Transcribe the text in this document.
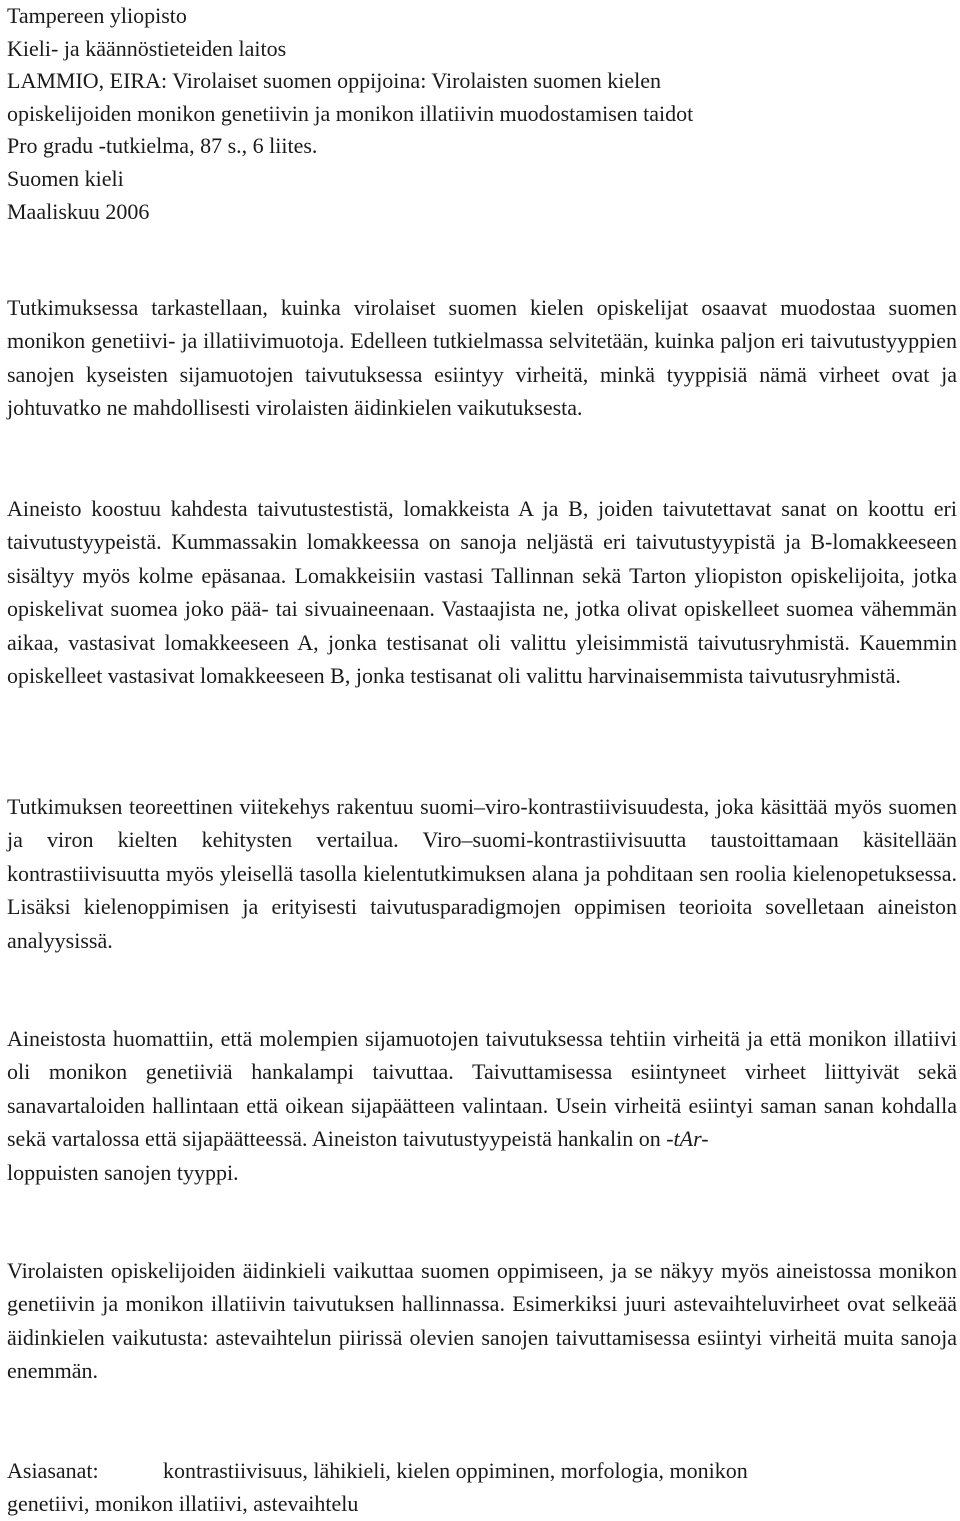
Tampereen yliopisto
Kieli- ja käännöstieteiden laitos
LAMMIO, EIRA: Virolaiset suomen oppijoina: Virolaisten suomen kielen
opiskelijoiden monikon genetiivin ja monikon illatiivin muodostamisen taidot
Pro gradu -tutkielma, 87 s., 6 liites.
Suomen kieli
Maaliskuu 2006

Tutkimuksessa tarkastellaan, kuinka virolaiset suomen kielen opiskelijat osaavat muodostaa suomen monikon genetiivi- ja illatiivimuotoja. Edelleen tutkielmassa selvitetään, kuinka paljon eri taivutustyyppien sanojen kyseisten sijamuotojen taivutuksessa esiintyy virheitä, minkä tyyppisiä nämä virheet ovat ja johtuvatko ne mahdollisesti virolaisten äidinkielen vaikutuksesta.

Aineisto koostuu kahdesta taivutustestistä, lomakkeista A ja B, joiden taivutettavat sanat on koottu eri taivutustyypeistä. Kummassakin lomakkeessa on sanoja neljästä eri taivutustyypistä ja B-lomakkeeseen sisältyy myös kolme epäsanaa. Lomakkeisiin vastasi Tallinnan sekä Tarton yliopiston opiskelijoita, jotka opiskelivat suomea joko pää- tai sivuaineenaan. Vastaajista ne, jotka olivat opiskelleet suomea vähemmän aikaa, vastasivat lomakkeeseen A, jonka testisanat oli valittu yleisimmistä taivutusryhmistä. Kauemmin opiskelleet vastasivat lomakkeeseen B, jonka testisanat oli valittu harvinaisemmista taivutusryhmistä.

Tutkimuksen teoreettinen viitekehys rakentuu suomi–viro-kontrastiivisuudesta, joka käsittää myös suomen ja viron kielten kehitysten vertailua. Viro–suomi-kontrastiivisuutta taustoittamaan käsitellään kontrastiivisuutta myös yleisellä tasolla kielentutkimuksen alana ja pohditaan sen roolia kielenopetuksessa. Lisäksi kielenoppimisen ja erityisesti taivutusparadigmojen oppimisen teorioita sovelletaan aineiston analyysissä.

Aineistosta huomattiin, että molempien sijamuotojen taivutuksessa tehtiin virheitä ja että monikon illatiivi oli monikon genetiiviä hankalampi taivuttaa. Taivuttamisessa esiintyneet virheet liittyivät sekä sanavartaloiden hallintaan että oikean sijapäätteen valintaan. Usein virheitä esiintyi saman sanan kohdalla sekä vartalossa että sijapäätteessä. Aineiston taivutustyypeistä hankalin on -tAr-
loppuisten sanojen tyyppi.

Virolaisten opiskelijoiden äidinkieli vaikuttaa suomen oppimiseen, ja se näkyy myös aineistossa monikon genetiivin ja monikon illatiivin taivutuksen hallinnassa. Esimerkiksi juuri astevaihteluvirheet ovat selkeää äidinkielen vaikutusta: astevaihtelun piirissä olevien sanojen taivuttamisessa esiintyi virheitä muita sanoja enemmän.

Asiasanat:	kontrastiivisuus, lähikieli, kielen oppiminen, morfologia, monikon
genetiivi, monikon illatiivi, astevaihtelu
